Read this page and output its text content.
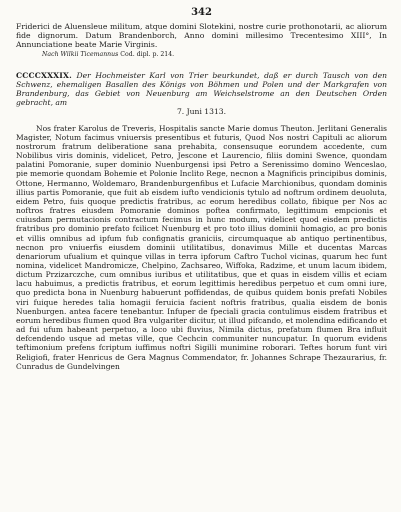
342

Friderici de Aluensleue militum, atque domini Slotekini, nostre curie prothonotarii, ac aliorum fide dignorum. Datum Brandenborch, Anno domini millesimo Trecentesimo XIII°, In Annunciatione beate Marie Virginis.

Nach Wilkii Ticemannus Cod. dipl. p. 214.
CCCCXXXIX. Der Hochmeister Karl von Trier beurkundet, daß er durch Tausch von den Schwenz, ehemaligen Basallen des Königs von Böhmen und Polen und der Markgrafen von Brandenburg, das Gebiet von Neuenburg am Weichselstrome an den Deutschen Orden gebracht, am
7. Juni 1313.
Nos frater Karolus de Treveris, Hospitalis sancte Marie domus Theuton. Jerlitani Generalis Magister, Notum facimus vniuersis presentibus et futuris, Quod Nos nostri Capituli ac aliorum nostrorum fratrum deliberatione sana prehabita, consensuque eorundem accedente, cum Nobilibus viris dominis, videlicet, Petro, Jescone et Laurencio, filiis domini Swence, quondam palatini Pomoranie, super dominio Nuenburgensi ipsi Petro a Serenissimo domino Wenceslao, pie memorie quondam Bohemie et Polonie Inclito Rege, necnon a Magnificis principibus dominis, Ottone, Hermanno, Woldemaro, Brandenburgenfibus et Lufacie Marchionibus, quondam dominis illius partis Pomoranie, que fuit ab eisdem iufto vendicionis tytulo ad noftrum ordinem deuoluta, eidem Petro, fuis quoque predictis fratribus, ac eorum heredibus collato, fibique per Nos ac noftros fratres eiusdem Pomoranie dominos poftea confirmato, legittimum empcionis et cuiusdam permutacionis contractum fecimus in hunc modum, videlicet quod eisdem predictis fratribus pro dominio prefato fcilicet Nuenburg et pro toto illius dominii homagio, ac pro bonis et villis omnibus ad ipfum fub confignatis graniciis, circumquaque ab antiquo pertinentibus, necnon pro vniuerfis eiusdem dominii utilitatibus, donavimus Mille et ducentas Marcas denariorum ufualium et quinque villas in terra ipforum Caftro Tuchol vicinas, quarum hec funt nomina, videlicet Mandromicze, Chelpino, Zachsareo, Wiffoka, Radzime, et unum lacum ibidem, dictum Przizarczche, cum omnibus iuribus et utilitatibus, que et quas in eisdem villis et eciam lacu habuimus, a predictis fratribus, et eorum legittimis heredibus perpetuo et cum omni iure, quo predicta bona in Nuenburg habuerunt poffidendas, de quibus quidem bonis prefati Nobiles viri fuique heredes talia homagii feruicia facient noftris fratribus, qualia eisdem de bonis Nuenburgen. antea facere tenebantur. Infuper de fpeciali gracia contulimus eisdem fratribus et eorum heredibus flumen quod Bra vulgariter dicitur, ut illud pifcando, et molendina edificando et ad fui ufum habeant perpetuo, a loco ubi fluvius, Nimila dictus, prefatum flumen Bra influit defcendendo usque ad metas ville, que Cechcin communiter nuncupatur. In quorum evidens teftimonium prefens fcriptum iuffimus noftri Sigilli munimine roborari. Teftes horum funt viri Religiofi, frater Henricus de Gera Magnus Commendator, fr. Johannes Schrape Thezaurarius, fr. Cunradus de Gundelvingen
